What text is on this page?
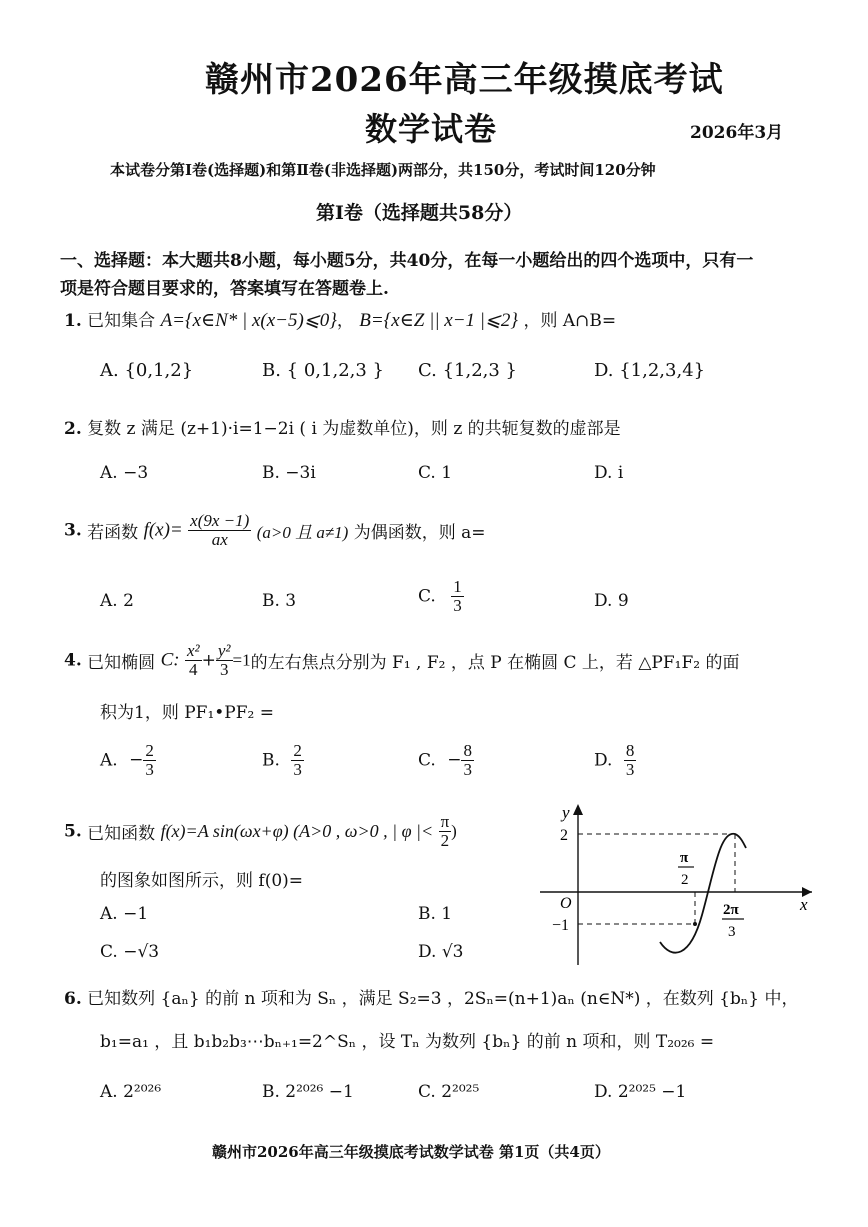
赣州市2026年高三年级摸底考试
数学试卷	2026年3月
本试卷分第Ⅰ卷(选择题)和第Ⅱ卷(非选择题)两部分，共150分，考试时间120分钟
第Ⅰ卷（选择题共58分）
一、选择题：本大题共8小题，每小题5分，共40分，在每一小题给出的四个选项中，只有一
项是符合题目要求的，答案填写在答题卷上.
1. 已知集合 A={x∈N* | x(x−5)⩽0}， B={x∈Z || x−1 |⩽2} ，则 A∩B=
A. {0,1,2}	B. { 0,1,2,3 } C. {1,2,3 }	D. {1,2,3,4}
2. 复数 z 满足 (z+1)·i=1−2i ( i 为虚数单位)，则 z 的共轭复数的虚部是
A. −3	B. −3i	C. 1	D. i
3. 若函数 $f(x)= \frac{x(9x -1)}{ax} (a>0$ 且 a≠1) 为偶函数，则 a=
A. 2	B. 3	C. $\frac{1}{3}$	D. 9
4. 已知椭圆 C: $\frac{\text{x²}}{4} + \frac{\text{y²}}{3} =1$的左右焦点分别为 F₁ , F₂ ，点 P 在椭圆 C 上，若 △PF₁F₂ 的面
积为1，则 PF₁•PF₂ =
A. − $\frac{2}{3}$	B. $\frac{2}{3}$	C. − $\frac{8}{3}$	D. $\frac{8}{3}$
5. 已知函数 f(x)=A sin(ωx+φ) (A>0 , ω>0 , | φ |< $\frac{\pi}{2}$ )
的图象如图所示，则 f(0)=
A. −1	B. 1
C. −√3	D. √3
y
x
O
2
−1
π
2
2π
3
6. 已知数列 {aₙ} 的前 n 项和为 Sₙ ，满足 S₂=3 ，2Sₙ=(n+1)aₙ (n∈N*) ，在数列 {bₙ} 中，
b₁=a₁ ，且 b₁b₂b₃⋯bₙ₊₁=2^Sₙ ，设 Tₙ 为数列 {bₙ} 的前 n 项和，则 T₂₀₂₆ =
A. 2²⁰²⁶	B. 2²⁰²⁶ −1	C. 2²⁰²⁵	D. 2²⁰²⁵ −1
赣州市2026年高三年级摸底考试数学试卷 第1页（共4页）
